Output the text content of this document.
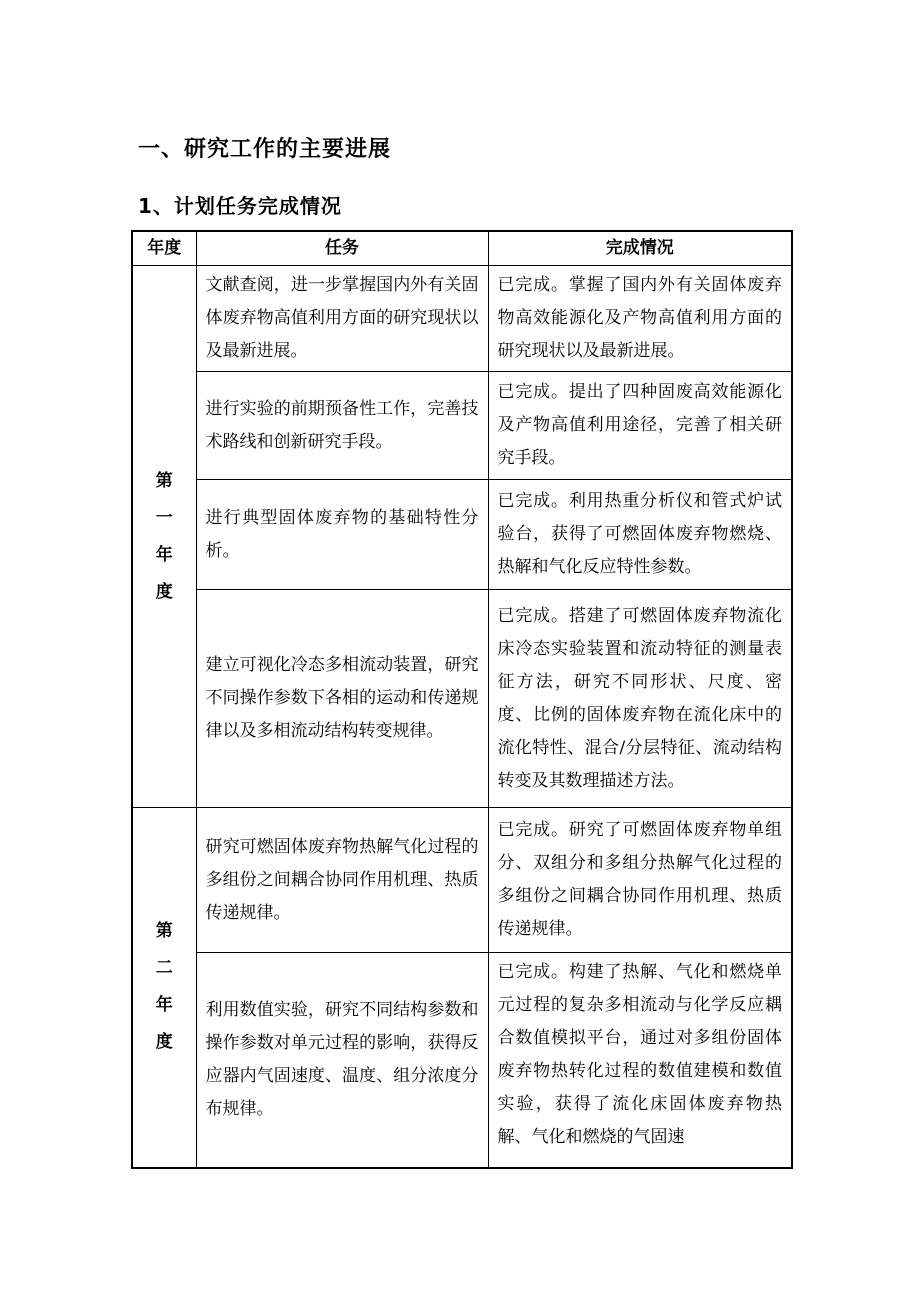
一、研究工作的主要进展
1、计划任务完成情况
年度	任务	完成情况
第一年度	文献查阅，进一步掌握国内外有关固体废弃物高值利用方面的研究现状以及最新进展。	已完成。掌握了国内外有关固体废弃物高效能源化及产物高值利用方面的研究现状以及最新进展。
	进行实验的前期预备性工作，完善技术路线和创新研究手段。	已完成。提出了四种固废高效能源化及产物高值利用途径，完善了相关研究手段。
	进行典型固体废弃物的基础特性分析。	已完成。利用热重分析仪和管式炉试验台，获得了可燃固体废弃物燃烧、热解和气化反应特性参数。
	建立可视化冷态多相流动装置，研究不同操作参数下各相的运动和传递规律以及多相流动结构转变规律。	已完成。搭建了可燃固体废弃物流化床冷态实验装置和流动特征的测量表征方法，研究不同形状、尺度、密度、比例的固体废弃物在流化床中的流化特性、混合/分层特征、流动结构转变及其数理描述方法。
第二年度	研究可燃固体废弃物热解气化过程的多组份之间耦合协同作用机理、热质传递规律。	已完成。研究了可燃固体废弃物单组分、双组分和多组分热解气化过程的多组份之间耦合协同作用机理、热质传递规律。
	利用数值实验，研究不同结构参数和操作参数对单元过程的影响，获得反应器内气固速度、温度、组分浓度分布规律。	已完成。构建了热解、气化和燃烧单元过程的复杂多相流动与化学反应耦合数值模拟平台，通过对多组份固体废弃物热转化过程的数值建模和数值实验，获得了流化床固体废弃物热解、气化和燃烧的气固速
